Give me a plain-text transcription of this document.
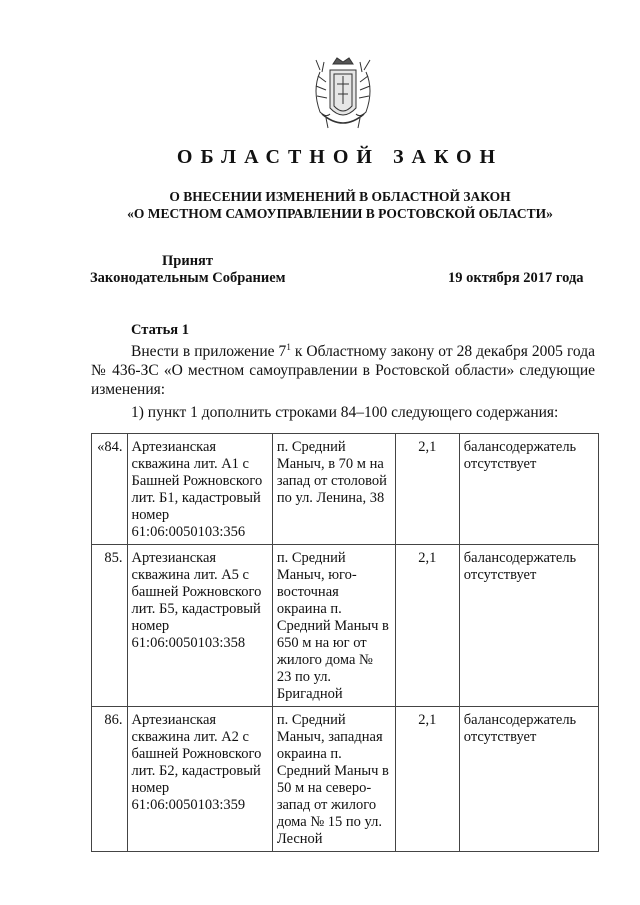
ОБЛАСТНОЙ ЗАКОН
О ВНЕСЕНИИ ИЗМЕНЕНИЙ В ОБЛАСТНОЙ ЗАКОН
«О МЕСТНОМ САМОУПРАВЛЕНИИ В РОСТОВСКОЙ ОБЛАСТИ»
Принят
Законодательным Собранием	19 октября 2017 года
Статья 1
Внести в приложение $7^1$ к Областному закону от 28 декабря 2005 года № 436-ЗС «О местном самоуправлении в Ростовской области» следующие изменения:
1) пункт 1 дополнить строками 84–100 следующего содержания:
«84.	Артезианская скважина лит. А1 с Башней Рожновского лит. Б1, кадастровый номер 61:06:0050103:356	п. Средний Маныч, в 70 м на запад от столовой по ул. Ленина, 38	2,1	балансодержатель отсутствует
85.	Артезианская скважина лит. А5 с башней Рожновского лит. Б5, кадастровый номер 61:06:0050103:358	п. Средний Маныч, юго-восточная окраина п. Средний Маныч в 650 м на юг от жилого дома № 23 по ул. Бригадной	2,1	балансодержатель отсутствует
86.	Артезианская скважина лит. А2 с башней Рожновского лит. Б2, кадастровый номер 61:06:0050103:359	п. Средний Маныч, западная окраина п. Средний Маныч в 50 м на северо-запад от жилого дома № 15 по ул. Лесной	2,1	балансодержатель отсутствует
